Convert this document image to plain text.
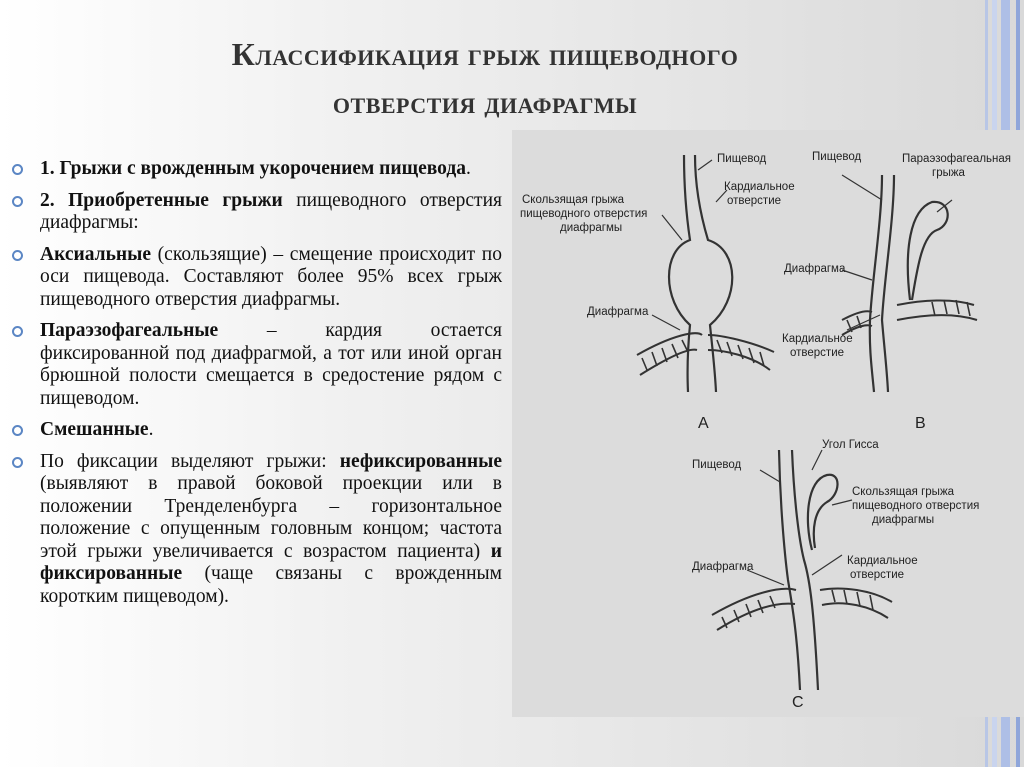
Классификация грыж пищеводного
отверстия диафрагмы
1. Грыжи с врожденным укорочением пищевода.
2. Приобретенные грыжи пищеводного отверстия диафрагмы:
Аксиальные (скользящие) – смещение происходит по оси пищевода. Составляют более 95% всех грыж пищеводного отверстия диафрагмы.
Параэзофагеальные – кардия остается фиксированной под диафрагмой, а тот или иной орган брюшной полости смещается в средостение рядом с пищеводом.
Смешанные.
По фиксации выделяют грыжи: нефиксированные (выявляют в правой боковой проекции или в положении Тренделенбурга – горизонтальное положение с опущенным головным концом; частота этой грыжи увеличивается с возрастом пациента) и фиксированные (чаще связаны с врожденным коротким пищеводом).
Пищевод
Кардиальное отверстие
Скользящая грыжа пищеводного отверстия диафрагмы
Диафрагма
А
Пищевод	Параэзофагеальная грыжа
Диафрагма
Кардиальное отверстие
В
Пищевод
Угол Гисса
Скользящая грыжа пищеводного отверстия диафрагмы
Диафрагма	Кардиальное отверстие
С
